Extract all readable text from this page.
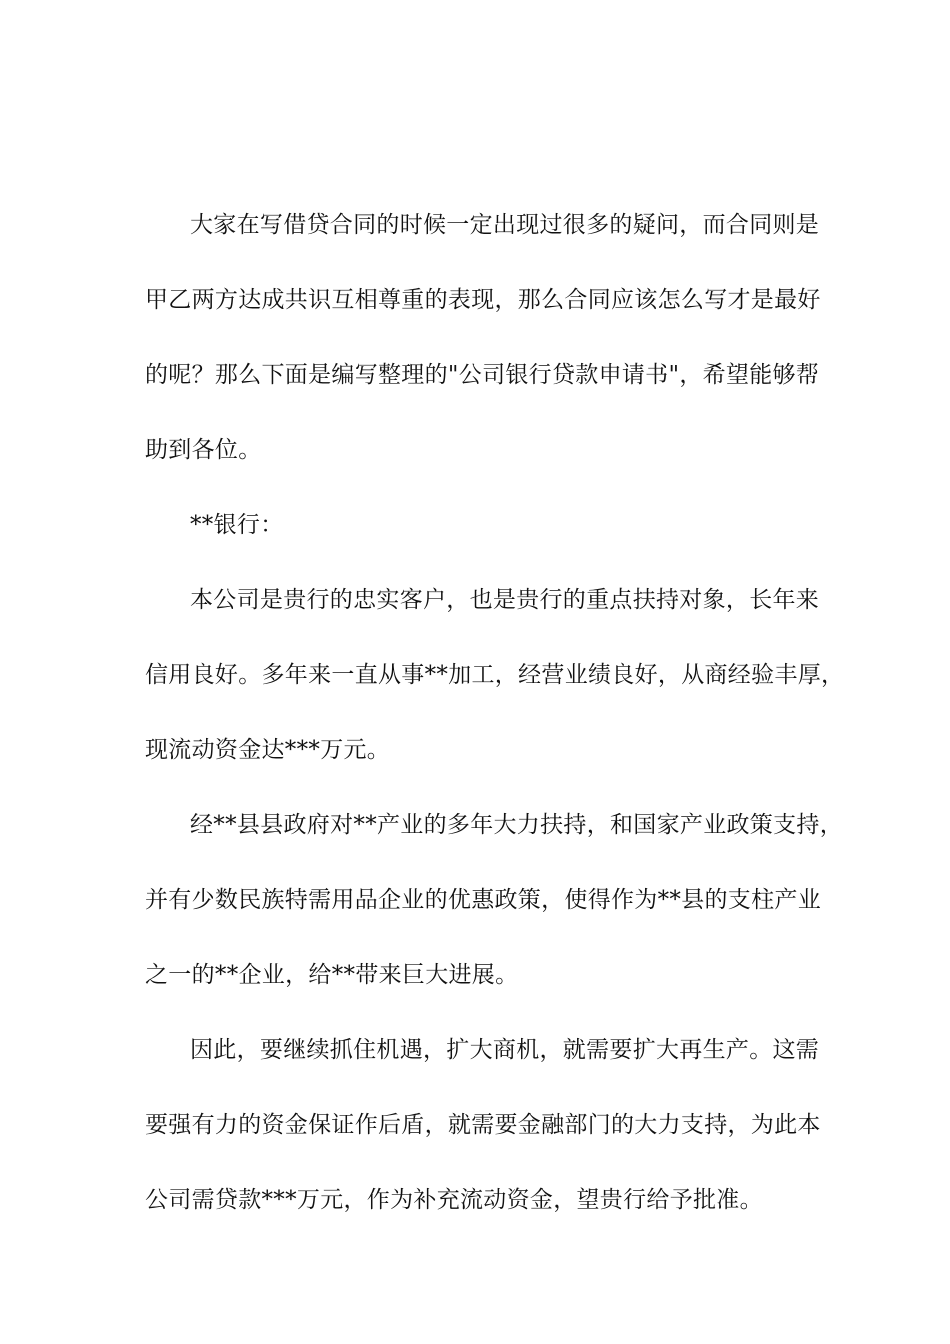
大家在写借贷合同的时候一定出现过很多的疑问，而合同则是
甲乙两方达成共识互相尊重的表现，那么合同应该怎么写才是最好
的呢？那么下面是编写整理的"公司银行贷款申请书"，希望能够帮
助到各位。
**银行：
本公司是贵行的忠实客户，也是贵行的重点扶持对象，长年来
信用良好。多年来一直从事**加工，经营业绩良好，从商经验丰厚，
现流动资金达***万元。
经**县县政府对**产业的多年大力扶持，和国家产业政策支持，
并有少数民族特需用品企业的优惠政策，使得作为**县的支柱产业
之一的**企业，给**带来巨大进展。
因此，要继续抓住机遇，扩大商机，就需要扩大再生产。这需
要强有力的资金保证作后盾，就需要金融部门的大力支持，为此本
公司需贷款***万元，作为补充流动资金，望贵行给予批准。
